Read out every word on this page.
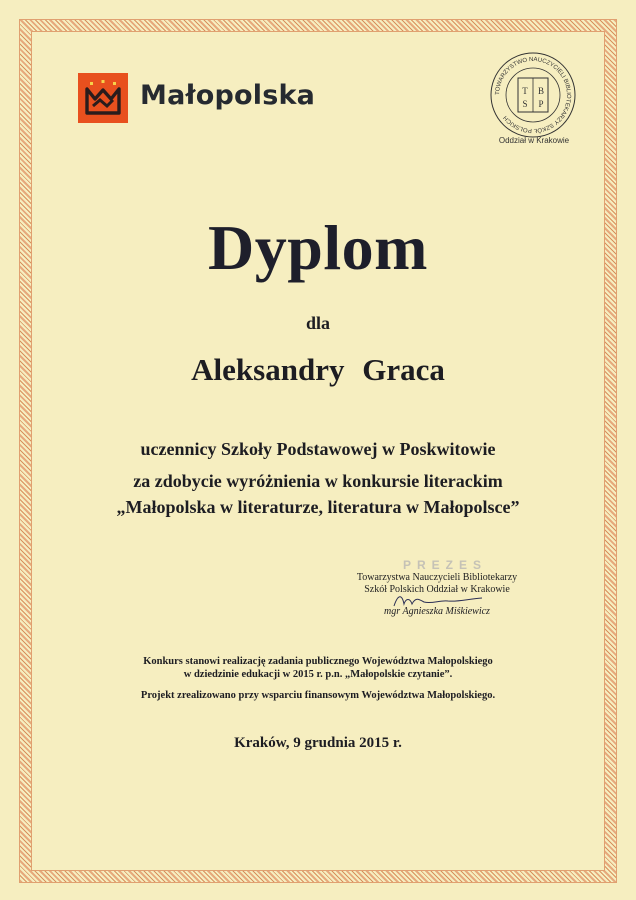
Małopolska	TOWARZYSTWO NAUCZYCIELI BIBLIOTEKARZY SZKÓŁ POLSKICH
T B
S P
Oddział w Krakowie
Dyplom
dla
Aleksandry Graca
uczennicy Szkoły Podstawowej w Poskwitowie
za zdobycie wyróżnienia w konkursie literackim
„Małopolska w literaturze, literatura w Małopolsce”
PREZES
Towarzystwa Nauczycieli Bibliotekarzy
Szkół Polskich Oddział w Krakowie
mgr Agnieszka Miśkiewicz
Konkurs stanowi realizację zadania publicznego Województwa Małopolskiego
w dziedzinie edukacji w 2015 r. p.n. „Małopolskie czytanie”.
Projekt zrealizowano przy wsparciu finansowym Województwa Małopolskiego.
Kraków, 9 grudnia 2015 r.
